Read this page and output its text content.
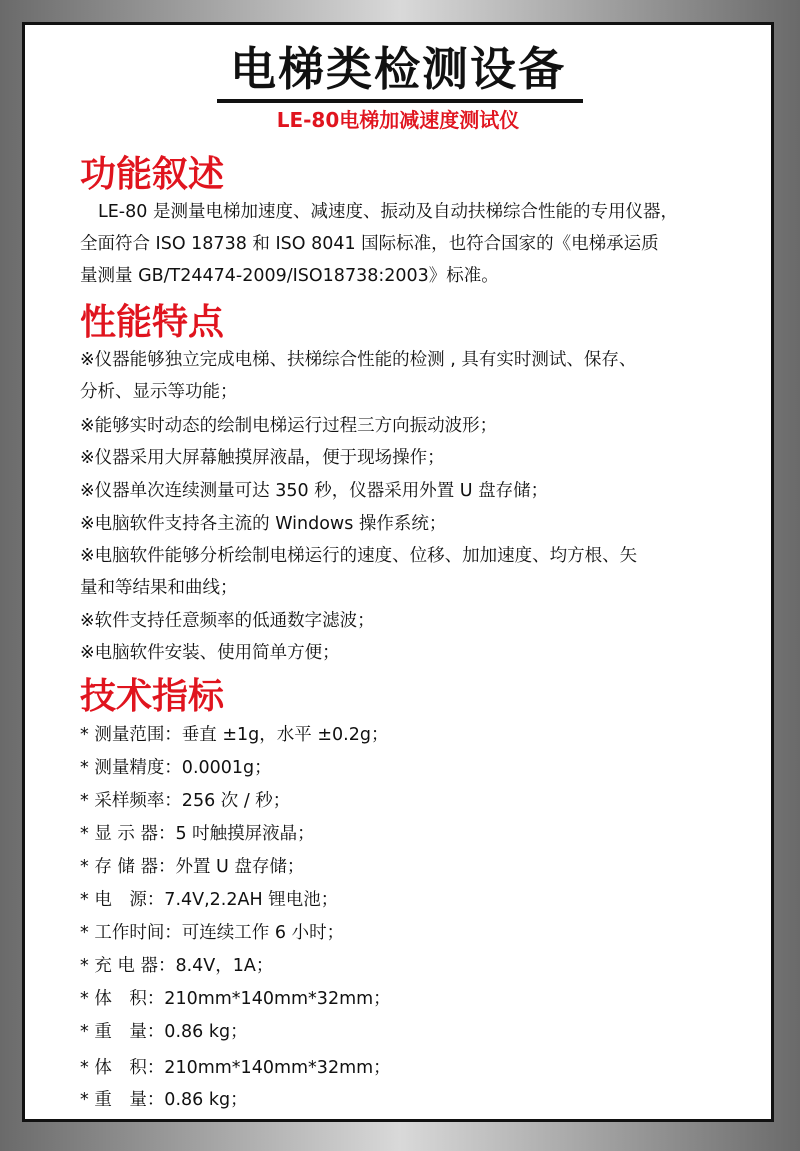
电梯类检测设备
LE-80电梯加减速度测试仪
功能叙述
LE-80 是测量电梯加速度、减速度、振动及自动扶梯综合性能的专用仪器，
全面符合 ISO 18738 和 ISO 8041 国际标准，也符合国家的《电梯承运质
量测量 GB/T24474-2009/ISO18738:2003》标准。
性能特点
※仪器能够独立完成电梯、扶梯综合性能的检测 , 具有实时测试、保存、
分析、显示等功能；
※能够实时动态的绘制电梯运行过程三方向振动波形；
※仪器采用大屏幕触摸屏液晶，便于现场操作；
※仪器单次连续测量可达 350 秒，仪器采用外置 U 盘存储；
※电脑软件支持各主流的 Windows 操作系统；
※电脑软件能够分析绘制电梯运行的速度、位移、加加速度、均方根、矢
量和等结果和曲线；
※软件支持任意频率的低通数字滤波；
※电脑软件安装、使用简单方便；
技术指标
* 测量范围：垂直 ±1g，水平 ±0.2g；
* 测量精度：0.0001g；
* 采样频率：256 次 / 秒；
* 显 示 器：5 吋触摸屏液晶；
* 存 储 器：外置 U 盘存储；
* 电　源：7.4V,2.2AH 锂电池；
* 工作时间：可连续工作 6 小时；
* 充 电 器：8.4V，1A；
* 体　积：210mm*140mm*32mm；
* 重　量：0.86 kg；
* 体　积：210mm*140mm*32mm；
* 重　量：0.86 kg；
